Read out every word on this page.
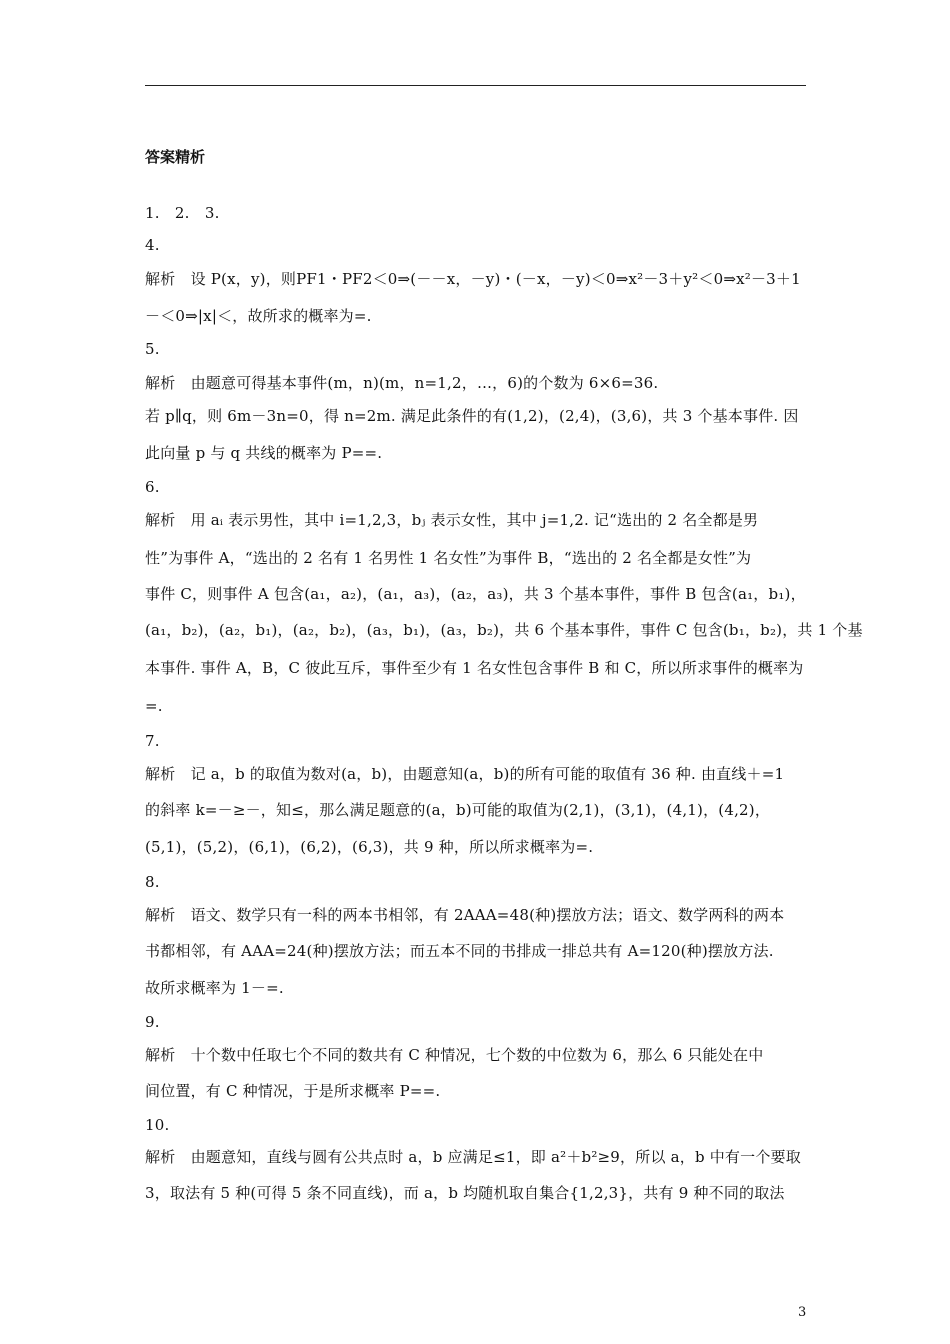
答案精析
1.　2.　3.
4.
解析　设 P(x，y)，则PF1・PF2＜0⇒(－－x，－y)・(－x，－y)＜0⇒x²－3＋y²＜0⇒x²－3＋1
－＜0⇒|x|＜，故所求的概率为=.
5.
解析　由题意可得基本事件(m，n)(m，n=1,2，…，6)的个数为 6×6=36.
若 p∥q，则 6m－3n=0，得 n=2m. 满足此条件的有(1,2)，(2,4)，(3,6)，共 3 个基本事件. 因
此向量 p 与 q 共线的概率为 P==.
6.
解析　用 aᵢ 表示男性，其中 i=1,2,3，bⱼ 表示女性，其中 j=1,2. 记“选出的 2 名全都是男
性”为事件 A，“选出的 2 名有 1 名男性 1 名女性”为事件 B，“选出的 2 名全都是女性”为
事件 C，则事件 A 包含(a₁，a₂)，(a₁，a₃)，(a₂，a₃)，共 3 个基本事件，事件 B 包含(a₁，b₁)，
(a₁，b₂)，(a₂，b₁)，(a₂，b₂)，(a₃，b₁)，(a₃，b₂)，共 6 个基本事件，事件 C 包含(b₁，b₂)，共 1 个基
本事件. 事件 A，B，C 彼此互斥，事件至少有 1 名女性包含事件 B 和 C，所以所求事件的概率为
=.
7.
解析　记 a，b 的取值为数对(a，b)，由题意知(a，b)的所有可能的取值有 36 种. 由直线＋=1
的斜率 k=－≥－，知≤，那么满足题意的(a，b)可能的取值为(2,1)，(3,1)，(4,1)，(4,2)，
(5,1)，(5,2)，(6,1)，(6,2)，(6,3)，共 9 种，所以所求概率为=.
8.
解析　语文、数学只有一科的两本书相邻，有 2AAA=48(种)摆放方法；语文、数学两科的两本
书都相邻，有 AAA=24(种)摆放方法；而五本不同的书排成一排总共有 A=120(种)摆放方法.
故所求概率为 1－=.
9.
解析　十个数中任取七个不同的数共有 C 种情况，七个数的中位数为 6，那么 6 只能处在中
间位置，有 C 种情况，于是所求概率 P==.
10.
解析　由题意知，直线与圆有公共点时 a，b 应满足≤1，即 a²＋b²≥9，所以 a，b 中有一个要取
3，取法有 5 种(可得 5 条不同直线)，而 a，b 均随机取自集合{1,2,3}，共有 9 种不同的取法
3
